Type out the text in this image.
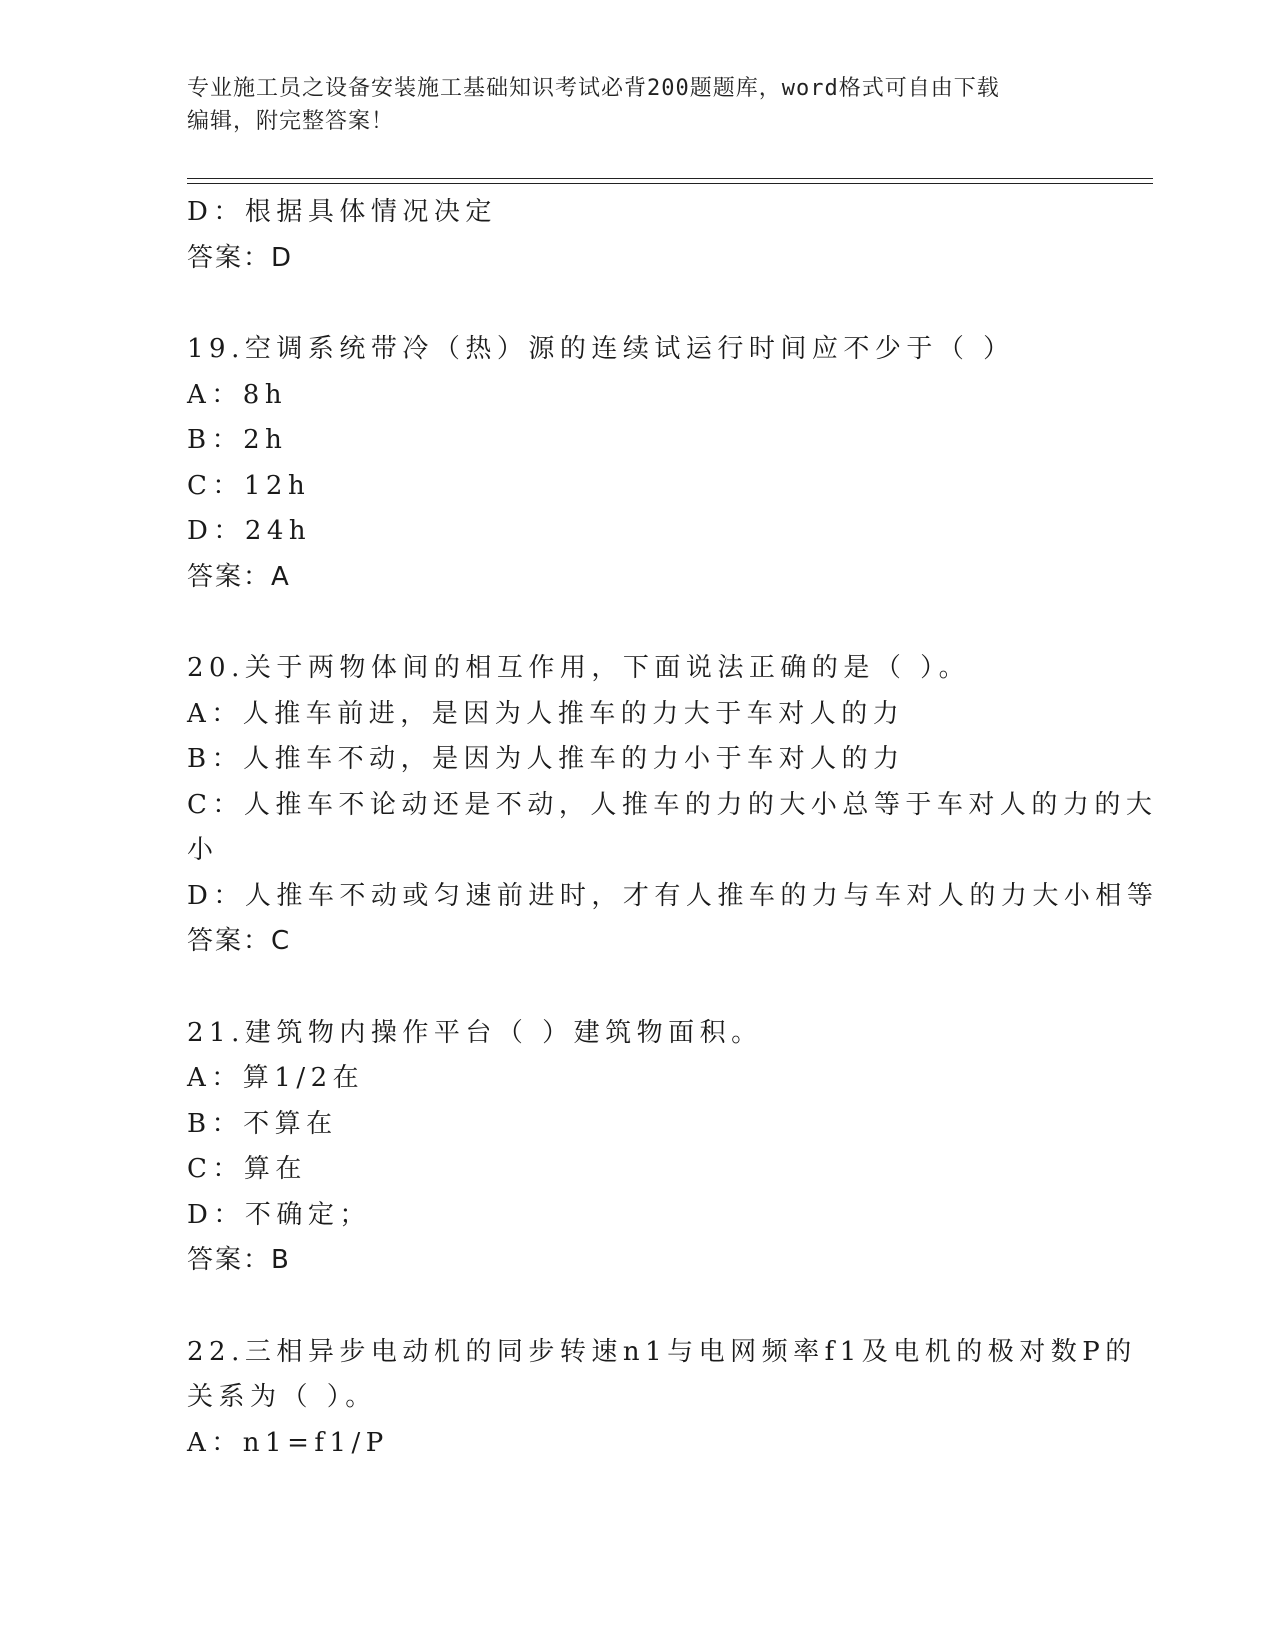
专业施工员之设备安装施工基础知识考试必背200题题库，word格式可自由下载
编辑，附完整答案！
D：根据具体情况决定
答案：D
19.空调系统带冷（热）源的连续试运行时间应不少于（ ）
A：8h
B：2h
C：12h
D：24h
答案：A
20.关于两物体间的相互作用，下面说法正确的是（ ）。
A：人推车前进，是因为人推车的力大于车对人的力
B：人推车不动，是因为人推车的力小于车对人的力
C：人推车不论动还是不动，人推车的力的大小总等于车对人的力的大
小
D：人推车不动或匀速前进时，才有人推车的力与车对人的力大小相等
答案：C
21.建筑物内操作平台（ ）建筑物面积。
A：算1/2在
B：不算在
C：算在
D：不确定；
答案：B
22.三相异步电动机的同步转速n1与电网频率f1及电机的极对数P的
关系为（ ）。
A：n1=f1/P
